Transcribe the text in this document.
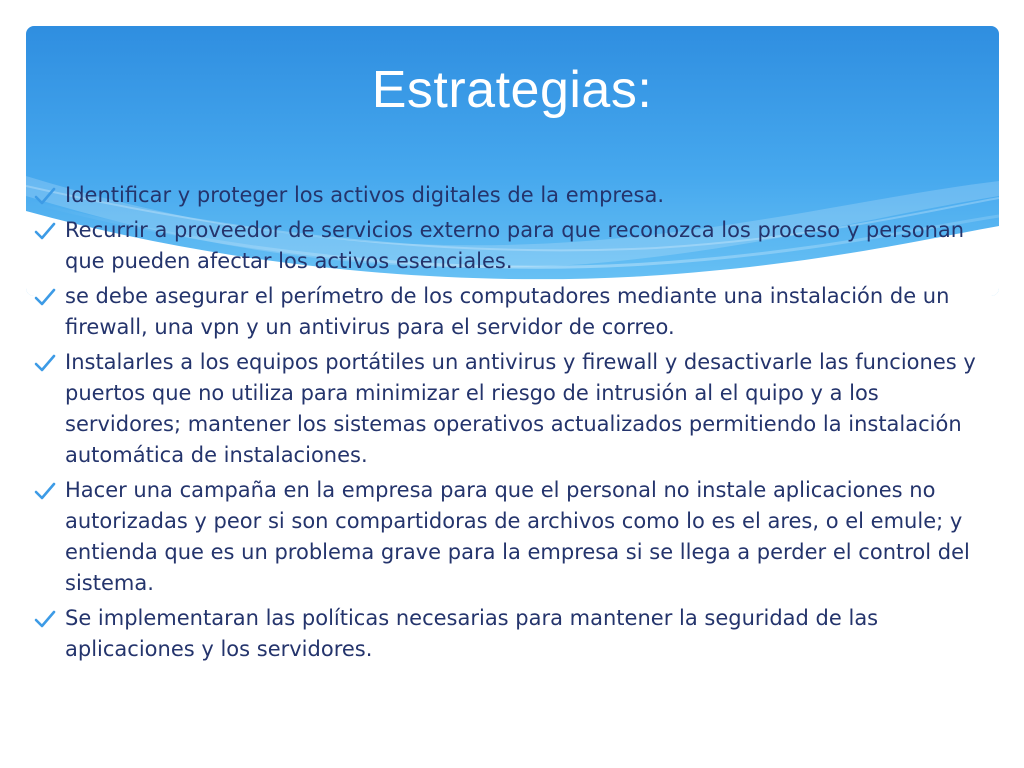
Estrategias:
Identificar y proteger los activos digitales de la empresa.
Recurrir a proveedor de servicios externo para que reconozca los proceso y personan que pueden afectar los activos esenciales.
se debe asegurar el perímetro de los computadores mediante una instalación de un firewall, una vpn y un antivirus para el servidor de correo.
Instalarles a los equipos portátiles un antivirus y firewall y desactivarle las funciones y puertos que no utiliza para minimizar el riesgo de intrusión al el quipo y a los servidores; mantener los sistemas operativos actualizados permitiendo la instalación automática de instalaciones.
Hacer una campaña en la empresa para que el personal no instale aplicaciones no autorizadas y peor si son compartidoras de archivos como lo es el ares, o el emule; y entienda que es un problema grave para la empresa si se llega a perder el control del sistema.
Se implementaran las políticas necesarias para mantener la seguridad de las aplicaciones y los servidores.
